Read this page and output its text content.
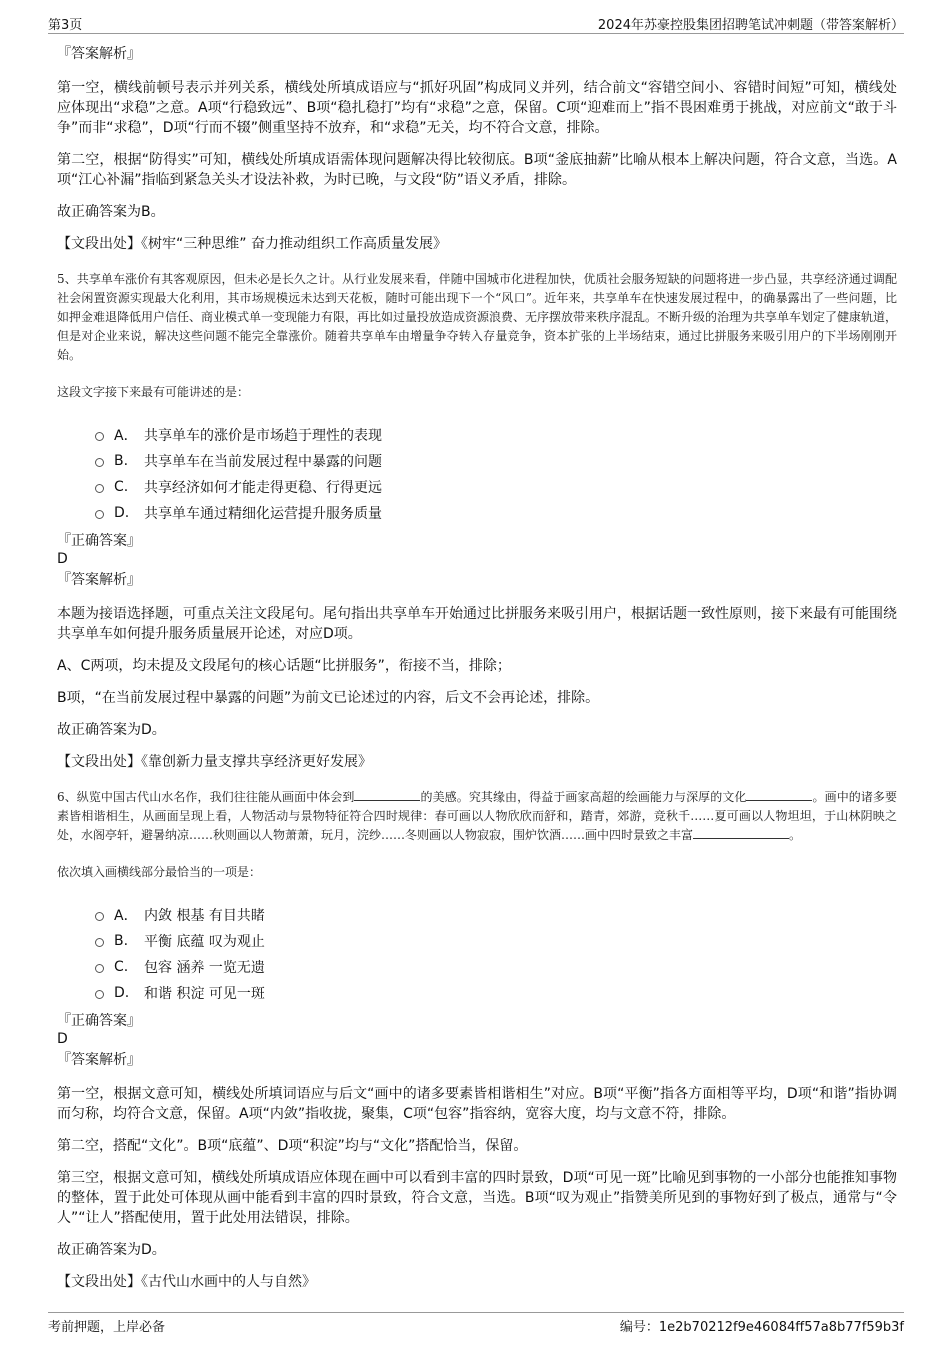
第3页	2024年苏豪控股集团招聘笔试冲刺题（带答案解析）
『答案解析』

第一空，横线前顿号表示并列关系，横线处所填成语应与“抓好巩固”构成同义并列，结合前文“容错空间小、容错时间短”可知，横线处应体现出“求稳”之意。A项“行稳致远”、B项“稳扎稳打”均有“求稳”之意，保留。C项“迎难而上”指不畏困难勇于挑战，对应前文“敢于斗争”而非“求稳”，D项“行而不辍”侧重坚持不放弃，和“求稳”无关，均不符合文意，排除。

第二空，根据“防得实”可知，横线处所填成语需体现问题解决得比较彻底。B项“釜底抽薪”比喻从根本上解决问题，符合文意，当选。A项“江心补漏”指临到紧急关头才设法补救，为时已晚，与文段“防”语义矛盾，排除。

故正确答案为B。

【文段出处】《树牢“三种思维” 奋力推动组织工作高质量发展》

5、共享单车涨价有其客观原因，但未必是长久之计。从行业发展来看，伴随中国城市化进程加快，优质社会服务短缺的问题将进一步凸显，共享经济通过调配社会闲置资源实现最大化利用，其市场规模远未达到天花板，随时可能出现下一个“风口”。近年来，共享单车在快速发展过程中，的确暴露出了一些问题，比如押金难退降低用户信任、商业模式单一变现能力有限，再比如过量投放造成资源浪费、无序摆放带来秩序混乱。不断升级的治理为共享单车划定了健康轨道，但是对企业来说，解决这些问题不能完全靠涨价。随着共享单车由增量争夺转入存量竞争，资本扩张的上半场结束，通过比拼服务来吸引用户的下半场刚刚开始。

这段文字接下来最有可能讲述的是：
A． 共享单车的涨价是市场趋于理性的表现
B.	共享单车在当前发展过程中暴露的问题
C.	共享经济如何才能走得更稳、行得更远
D.	共享单车通过精细化运营提升服务质量
『正确答案』
D
『答案解析』

本题为接语选择题，可重点关注文段尾句。尾句指出共享单车开始通过比拼服务来吸引用户，根据话题一致性原则，接下来最有可能围绕共享单车如何提升服务质量展开论述，对应D项。

A、C两项，均未提及文段尾句的核心话题“比拼服务”，衔接不当，排除；

B项，“在当前发展过程中暴露的问题”为前文已论述过的内容，后文不会再论述，排除。

故正确答案为D。

【文段出处】《靠创新力量支撑共享经济更好发展》

6、纵览中国古代山水名作，我们往往能从画面中体会到	的美感。究其缘由，得益于画家高超的绘画能力与深厚的文化	。画中的诸多要素皆相谐相生，从画面呈现上看，人物活动与景物特征符合四时规律：春可画以人物欣欣而舒和，踏青，郊游，竞秋千……夏可画以人物坦坦，于山林阴映之处，水阁亭轩，避暑纳凉……秋则画以人物萧萧，玩月，浣纱……冬则画以人物寂寂，围炉饮酒……画中四时景致之丰富	。

依次填入画横线部分最恰当的一项是：
A． 内敛 根基 有目共睹
B.	平衡 底蕴 叹为观止
C.	包容 涵养 一览无遗
D.	和谐 积淀 可见一斑
『正确答案』
D
『答案解析』

第一空，根据文意可知，横线处所填词语应与后文“画中的诸多要素皆相谐相生”对应。B项“平衡”指各方面相等平均，D项“和谐”指协调而匀称，均符合文意，保留。A项“内敛”指收拢，聚集，C项“包容”指容纳，宽容大度，均与文意不符，排除。

第二空，搭配“文化”。B项“底蕴”、D项“积淀”均与“文化”搭配恰当，保留。

第三空，根据文意可知，横线处所填成语应体现在画中可以看到丰富的四时景致，D项“可见一斑”比喻见到事物的一小部分也能推知事物的整体，置于此处可体现从画中能看到丰富的四时景致，符合文意，当选。B项“叹为观止”指赞美所见到的事物好到了极点，通常与“令人”“让人”搭配使用，置于此处用法错误，排除。

故正确答案为D。

【文段出处】《古代山水画中的人与自然》
考前押题，上岸必备	编号：1e2b70212f9e46084ff57a8b77f59b3f
